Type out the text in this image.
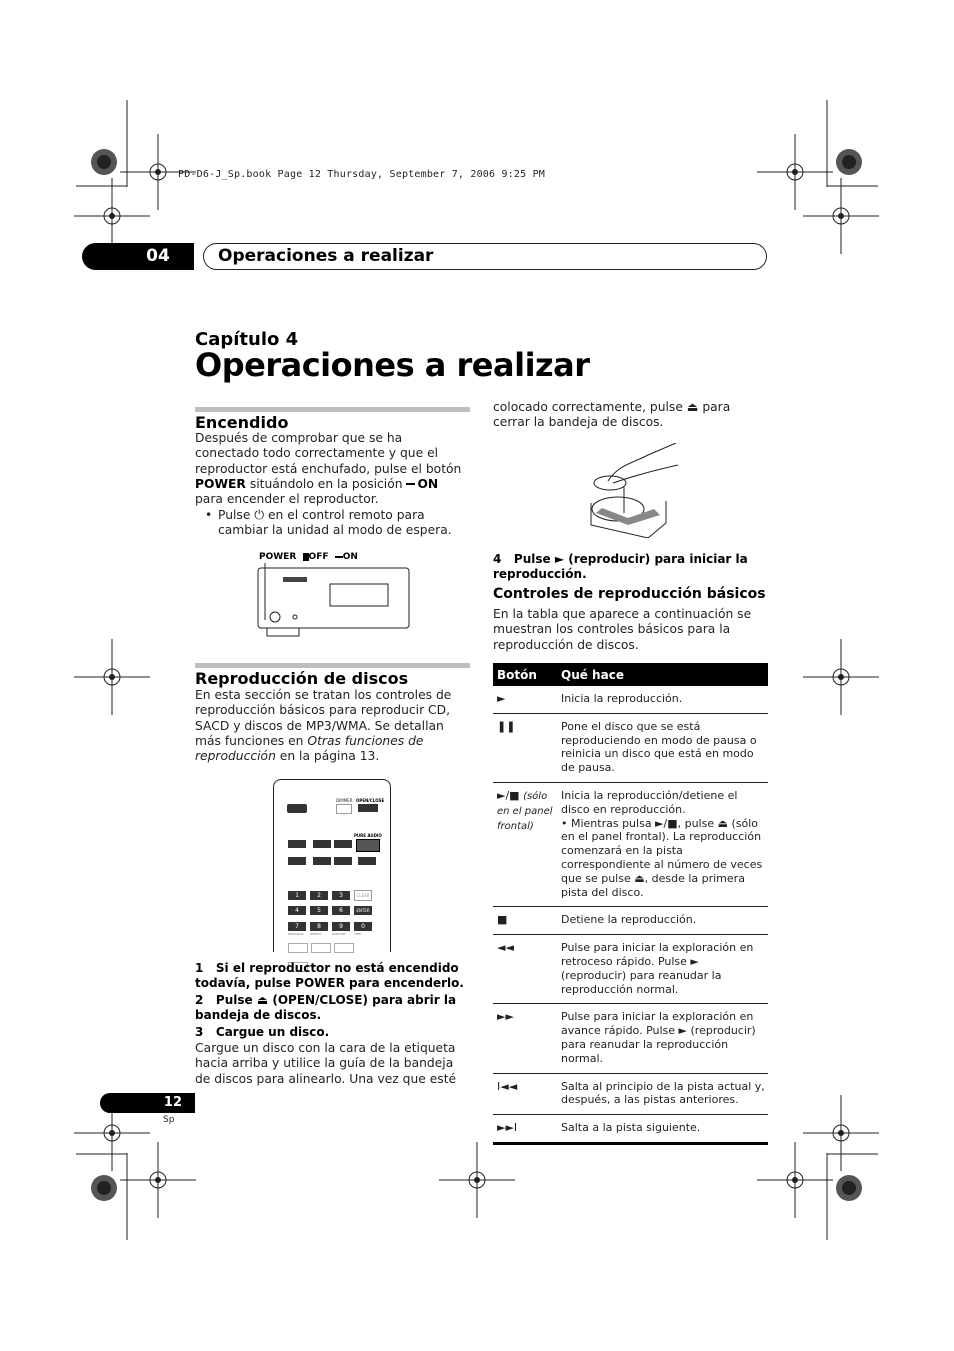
PD-D6-J_Sp.book Page 12 Thursday, September 7, 2006 9:25 PM
04	Operaciones a realizar
Capítulo 4
Operaciones a realizar
Encendido
Después de comprobar que se ha conectado todo correctamente y que el reproductor está enchufado, pulse el botón POWER situándolo en la posición ON para encender el reproductor.
• Pulse ⏻ en el control remoto para cambiar la unidad al modo de espera.
POWER OFF ON
Reproducción de discos
En esta sección se tratan los controles de reproducción básicos para reproducir CD, SACD y discos de MP3/WMA. Se detallan más funciones en Otras funciones de reproducción en la página 13.
DIMMER OPEN/CLOSE
PURE AUDIO
1	2	3	CLEAR
4	5	6	ENTER
7	8	9	0
PROGRAM REPEAT	RANDOM	TIME
1 Si el reproductor no está encendido todavía, pulse POWER para encenderlo.
2 Pulse ⏏ (OPEN/CLOSE) para abrir la bandeja de discos.
3 Cargue un disco.
Cargue un disco con la cara de la etiqueta hacia arriba y utilice la guía de la bandeja de discos para alinearlo. Una vez que esté
colocado correctamente, pulse ⏏ para cerrar la bandeja de discos.
4 Pulse ► (reproducir) para iniciar la reproducción.
Controles de reproducción básicos
En la tabla que aparece a continuación se muestran los controles básicos para la reproducción de discos.
Botón	Qué hace
►	Inicia la reproducción.
❚❚	Pone el disco que se está reproduciendo en modo de pausa o reinicia un disco que está en modo de pausa.
►/■ (sólo en el panel frontal)	Inicia la reproducción/detiene el disco en reproducción.
• Mientras pulsa ►/■, pulse ⏏ (sólo en el panel frontal). La reproducción comenzará en la pista correspondiente al número de veces que se pulse ⏏, desde la primera pista del disco.
■	Detiene la reproducción.
◄◄	Pulse para iniciar la exploración en retroceso rápido. Pulse ► (reproducir) para reanudar la reproducción normal.
►►	Pulse para iniciar la exploración en avance rápido. Pulse ► (reproducir) para reanudar la reproducción normal.
I◄◄	Salta al principio de la pista actual y, después, a las pistas anteriores.
►►I	Salta a la pista siguiente.
12
Sp
